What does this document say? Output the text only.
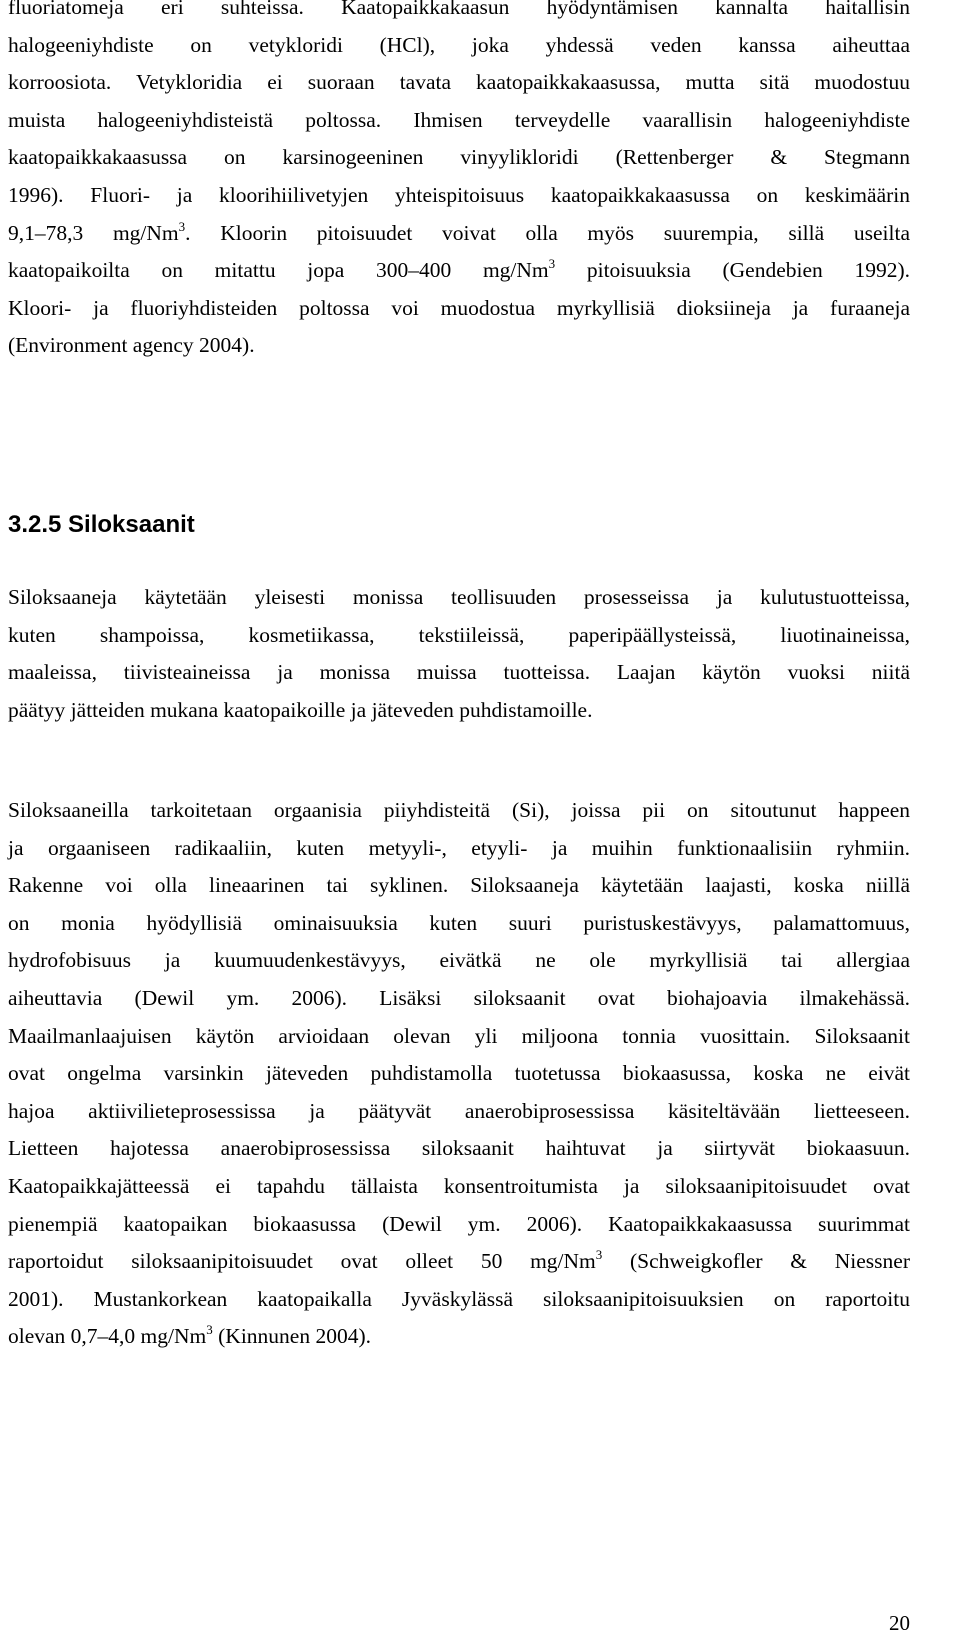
fluoriatomeja eri suhteissa. Kaatopaikkakaasun hyödyntämisen kannalta haitallisin
halogeeniyhdiste on vetykloridi (HCl), joka yhdessä veden kanssa aiheuttaa
korroosiota. Vetykloridia ei suoraan tavata kaatopaikkakaasussa, mutta sitä muodostuu
muista halogeeniyhdisteistä poltossa. Ihmisen terveydelle vaarallisin halogeeniyhdiste
kaatopaikkakaasussa on karsinogeeninen vinyylikloridi (Rettenberger & Stegmann
1996). Fluori- ja kloorihiilivetyjen yhteispitoisuus kaatopaikkakaasussa on keskimäärin
9,1–78,3 mg/Nm$^3$. Kloorin pitoisuudet voivat olla myös suurempia, sillä useilta
kaatopaikoilta on mitattu jopa 300–400 mg/Nm$^3$ pitoisuuksia (Gendebien 1992).
Kloori- ja fluoriyhdisteiden poltossa voi muodostua myrkyllisiä dioksiineja ja furaaneja
(Environment agency 2004).
3.2.5 Siloksaanit
Siloksaaneja käytetään yleisesti monissa teollisuuden prosesseissa ja kulutustuotteissa,
kuten shampoissa, kosmetiikassa, tekstiileissä, paperipäällysteissä, liuotinaineissa,
maaleissa, tiivisteaineissa ja monissa muissa tuotteissa. Laajan käytön vuoksi niitä
päätyy jätteiden mukana kaatopaikoille ja jäteveden puhdistamoille.
Siloksaaneilla tarkoitetaan orgaanisia piiyhdisteitä (Si), joissa pii on sitoutunut happeen
ja orgaaniseen radikaaliin, kuten metyyli-, etyyli- ja muihin funktionaalisiin ryhmiin.
Rakenne voi olla lineaarinen tai syklinen. Siloksaaneja käytetään laajasti, koska niillä
on monia hyödyllisiä ominaisuuksia kuten suuri puristuskestävyys, palamattomuus,
hydrofobisuus ja kuumuudenkestävyys, eivätkä ne ole myrkyllisiä tai allergiaa
aiheuttavia (Dewil ym. 2006). Lisäksi siloksaanit ovat biohajoavia ilmakehässä.
Maailmanlaajuisen käytön arvioidaan olevan yli miljoona tonnia vuosittain. Siloksaanit
ovat ongelma varsinkin jäteveden puhdistamolla tuotetussa biokaasussa, koska ne eivät
hajoa aktiivilieteprosessissa ja päätyvät anaerobiprosessissa käsiteltävään lietteeseen.
Lietteen hajotessa anaerobiprosessissa siloksaanit haihtuvat ja siirtyvät biokaasuun.
Kaatopaikkajätteessä ei tapahdu tällaista konsentroitumista ja siloksaanipitoisuudet ovat
pienempiä kaatopaikan biokaasussa (Dewil ym. 2006). Kaatopaikkakaasussa suurimmat
raportoidut siloksaanipitoisuudet ovat olleet 50 mg/Nm$^3$ (Schweigkofler & Niessner
2001). Mustankorkean kaatopaikalla Jyväskylässä siloksaanipitoisuuksien on raportoitu
olevan 0,7–4,0 mg/Nm$^3$ (Kinnunen 2004).
20
